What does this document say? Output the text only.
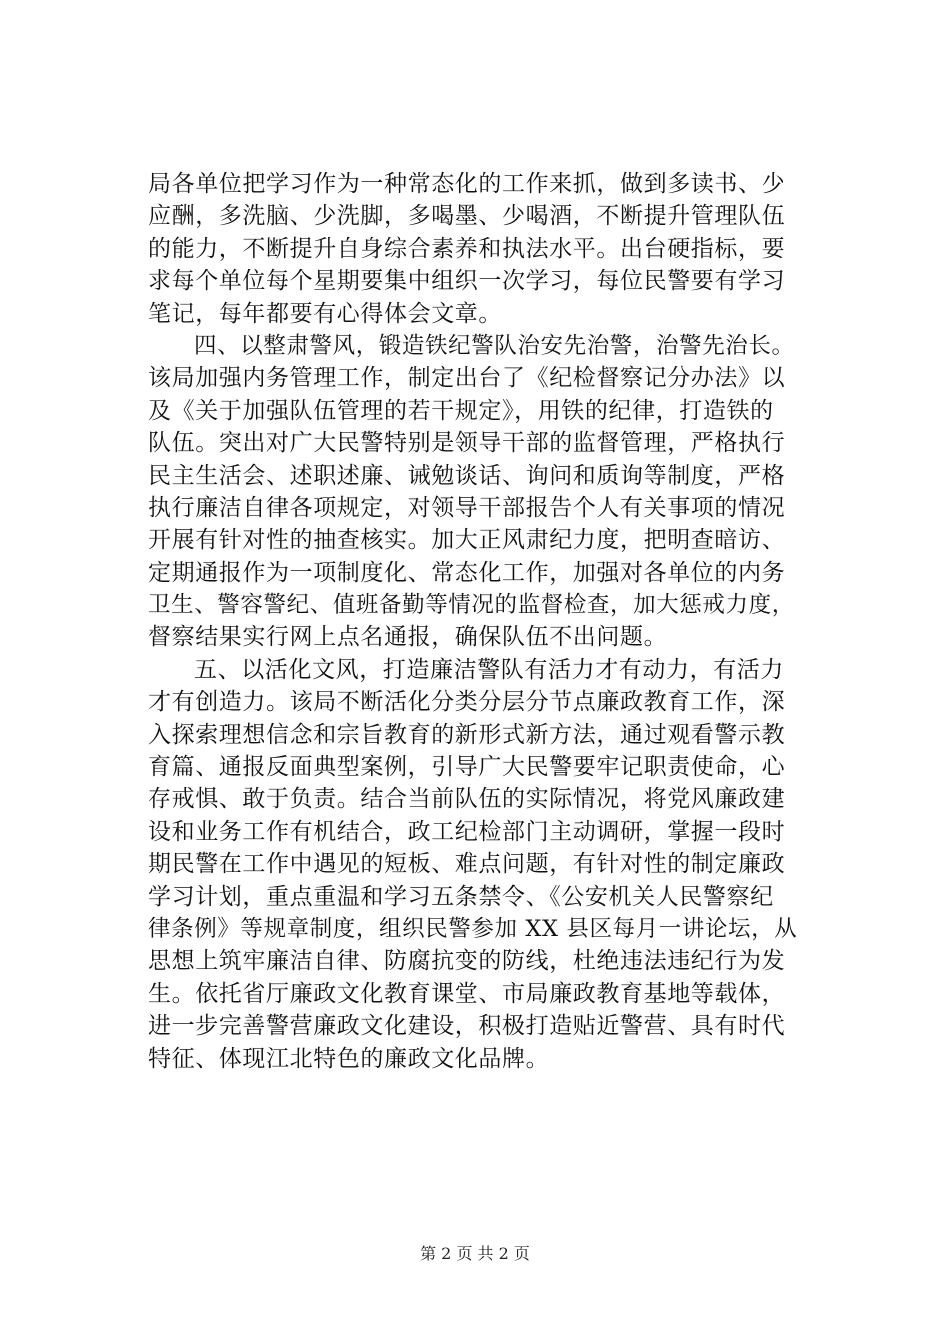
局各单位把学习作为一种常态化的工作来抓，做到多读书、少
应酬，多洗脑、少洗脚，多喝墨、少喝酒，不断提升管理队伍
的能力，不断提升自身综合素养和执法水平。出台硬指标，要
求每个单位每个星期要集中组织一次学习，每位民警要有学习
笔记，每年都要有心得体会文章。
四、以整肃警风，锻造铁纪警队治安先治警，治警先治长。
该局加强内务管理工作，制定出台了《纪检督察记分办法》以
及《关于加强队伍管理的若干规定》，用铁的纪律，打造铁的
队伍。突出对广大民警特别是领导干部的监督管理，严格执行
民主生活会、述职述廉、诫勉谈话、询问和质询等制度，严格
执行廉洁自律各项规定，对领导干部报告个人有关事项的情况
开展有针对性的抽查核实。加大正风肃纪力度，把明查暗访、
定期通报作为一项制度化、常态化工作，加强对各单位的内务
卫生、警容警纪、值班备勤等情况的监督检查，加大惩戒力度，
督察结果实行网上点名通报，确保队伍不出问题。
五、以活化文风，打造廉洁警队有活力才有动力，有活力
才有创造力。该局不断活化分类分层分节点廉政教育工作，深
入探索理想信念和宗旨教育的新形式新方法，通过观看警示教
育篇、通报反面典型案例，引导广大民警要牢记职责使命，心
存戒惧、敢于负责。结合当前队伍的实际情况，将党风廉政建
设和业务工作有机结合，政工纪检部门主动调研，掌握一段时
期民警在工作中遇见的短板、难点问题，有针对性的制定廉政
学习计划，重点重温和学习五条禁令、《公安机关人民警察纪
律条例》等规章制度，组织民警参加 XX 县区每月一讲论坛，从
思想上筑牢廉洁自律、防腐抗变的防线，杜绝违法违纪行为发
生。依托省厅廉政文化教育课堂、市局廉政教育基地等载体，
进一步完善警营廉政文化建设，积极打造贴近警营、具有时代
特征、体现江北特色的廉政文化品牌。
第 2 页 共 2 页
